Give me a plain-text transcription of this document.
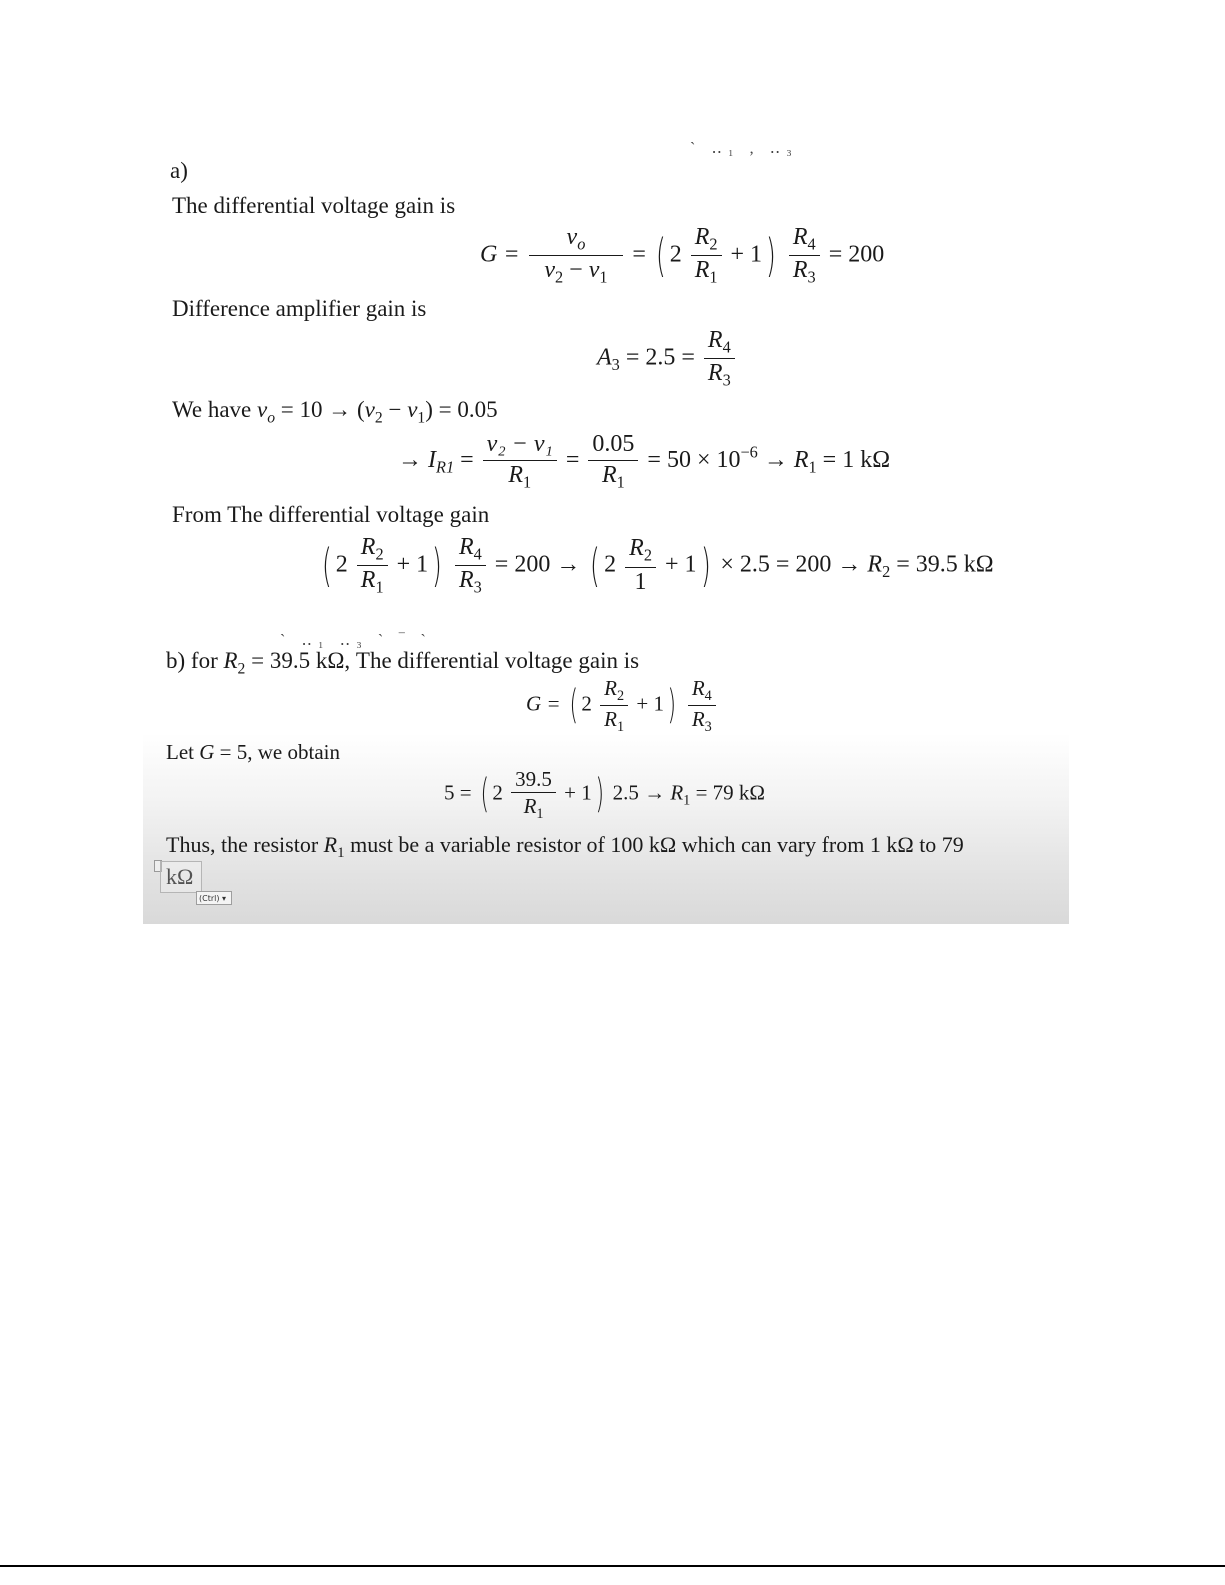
` ‥₁ , ‥₃
a)
The differential voltage gain is
$G = \frac{v_o}{v_2 - v_1}$ = ( $2 \frac{R_2}{R_1} + 1) \frac{R_4}{R_3} = 200$
Difference amplifier gain is
$A_3 = 2.5 = \frac{R_4}{R_3}$
We have $v_o = 10 \to (v_2 - v_1) = 0.05$
→ $I_{R1} = \frac{\text{v₂ − v₁}}{R_1} = \frac{0.05}{R_1} = 50 \times 10^{-6} \to R_1 = 1$ kΩ
From The differential voltage gain
( $2 \frac{R_2}{R_1} + 1) \frac{R_4}{R_3} = 200$ → ( $2 \frac{R_2}{1} + 1) \times 2.5 = 200 \to R_2 = 39.5$ kΩ
` ‥₁ ‥₃ ` ‾ `
b) for $R_2 = 39.5$ kΩ, The differential voltage gain is
G = ( $2 \frac{R_2}{R_1} + 1) \frac{R_4}{R_3}$
Let G = 5, we obtain
5 = ( $2 \frac{39.5}{R_1} + 1$) $2.5 \to R_1 = 79$ kΩ
Thus, the resistor $R_1$ must be a variable resistor of 100 kΩ which can vary from 1 kΩ to 79
kΩ
(Ctrl) ▾
